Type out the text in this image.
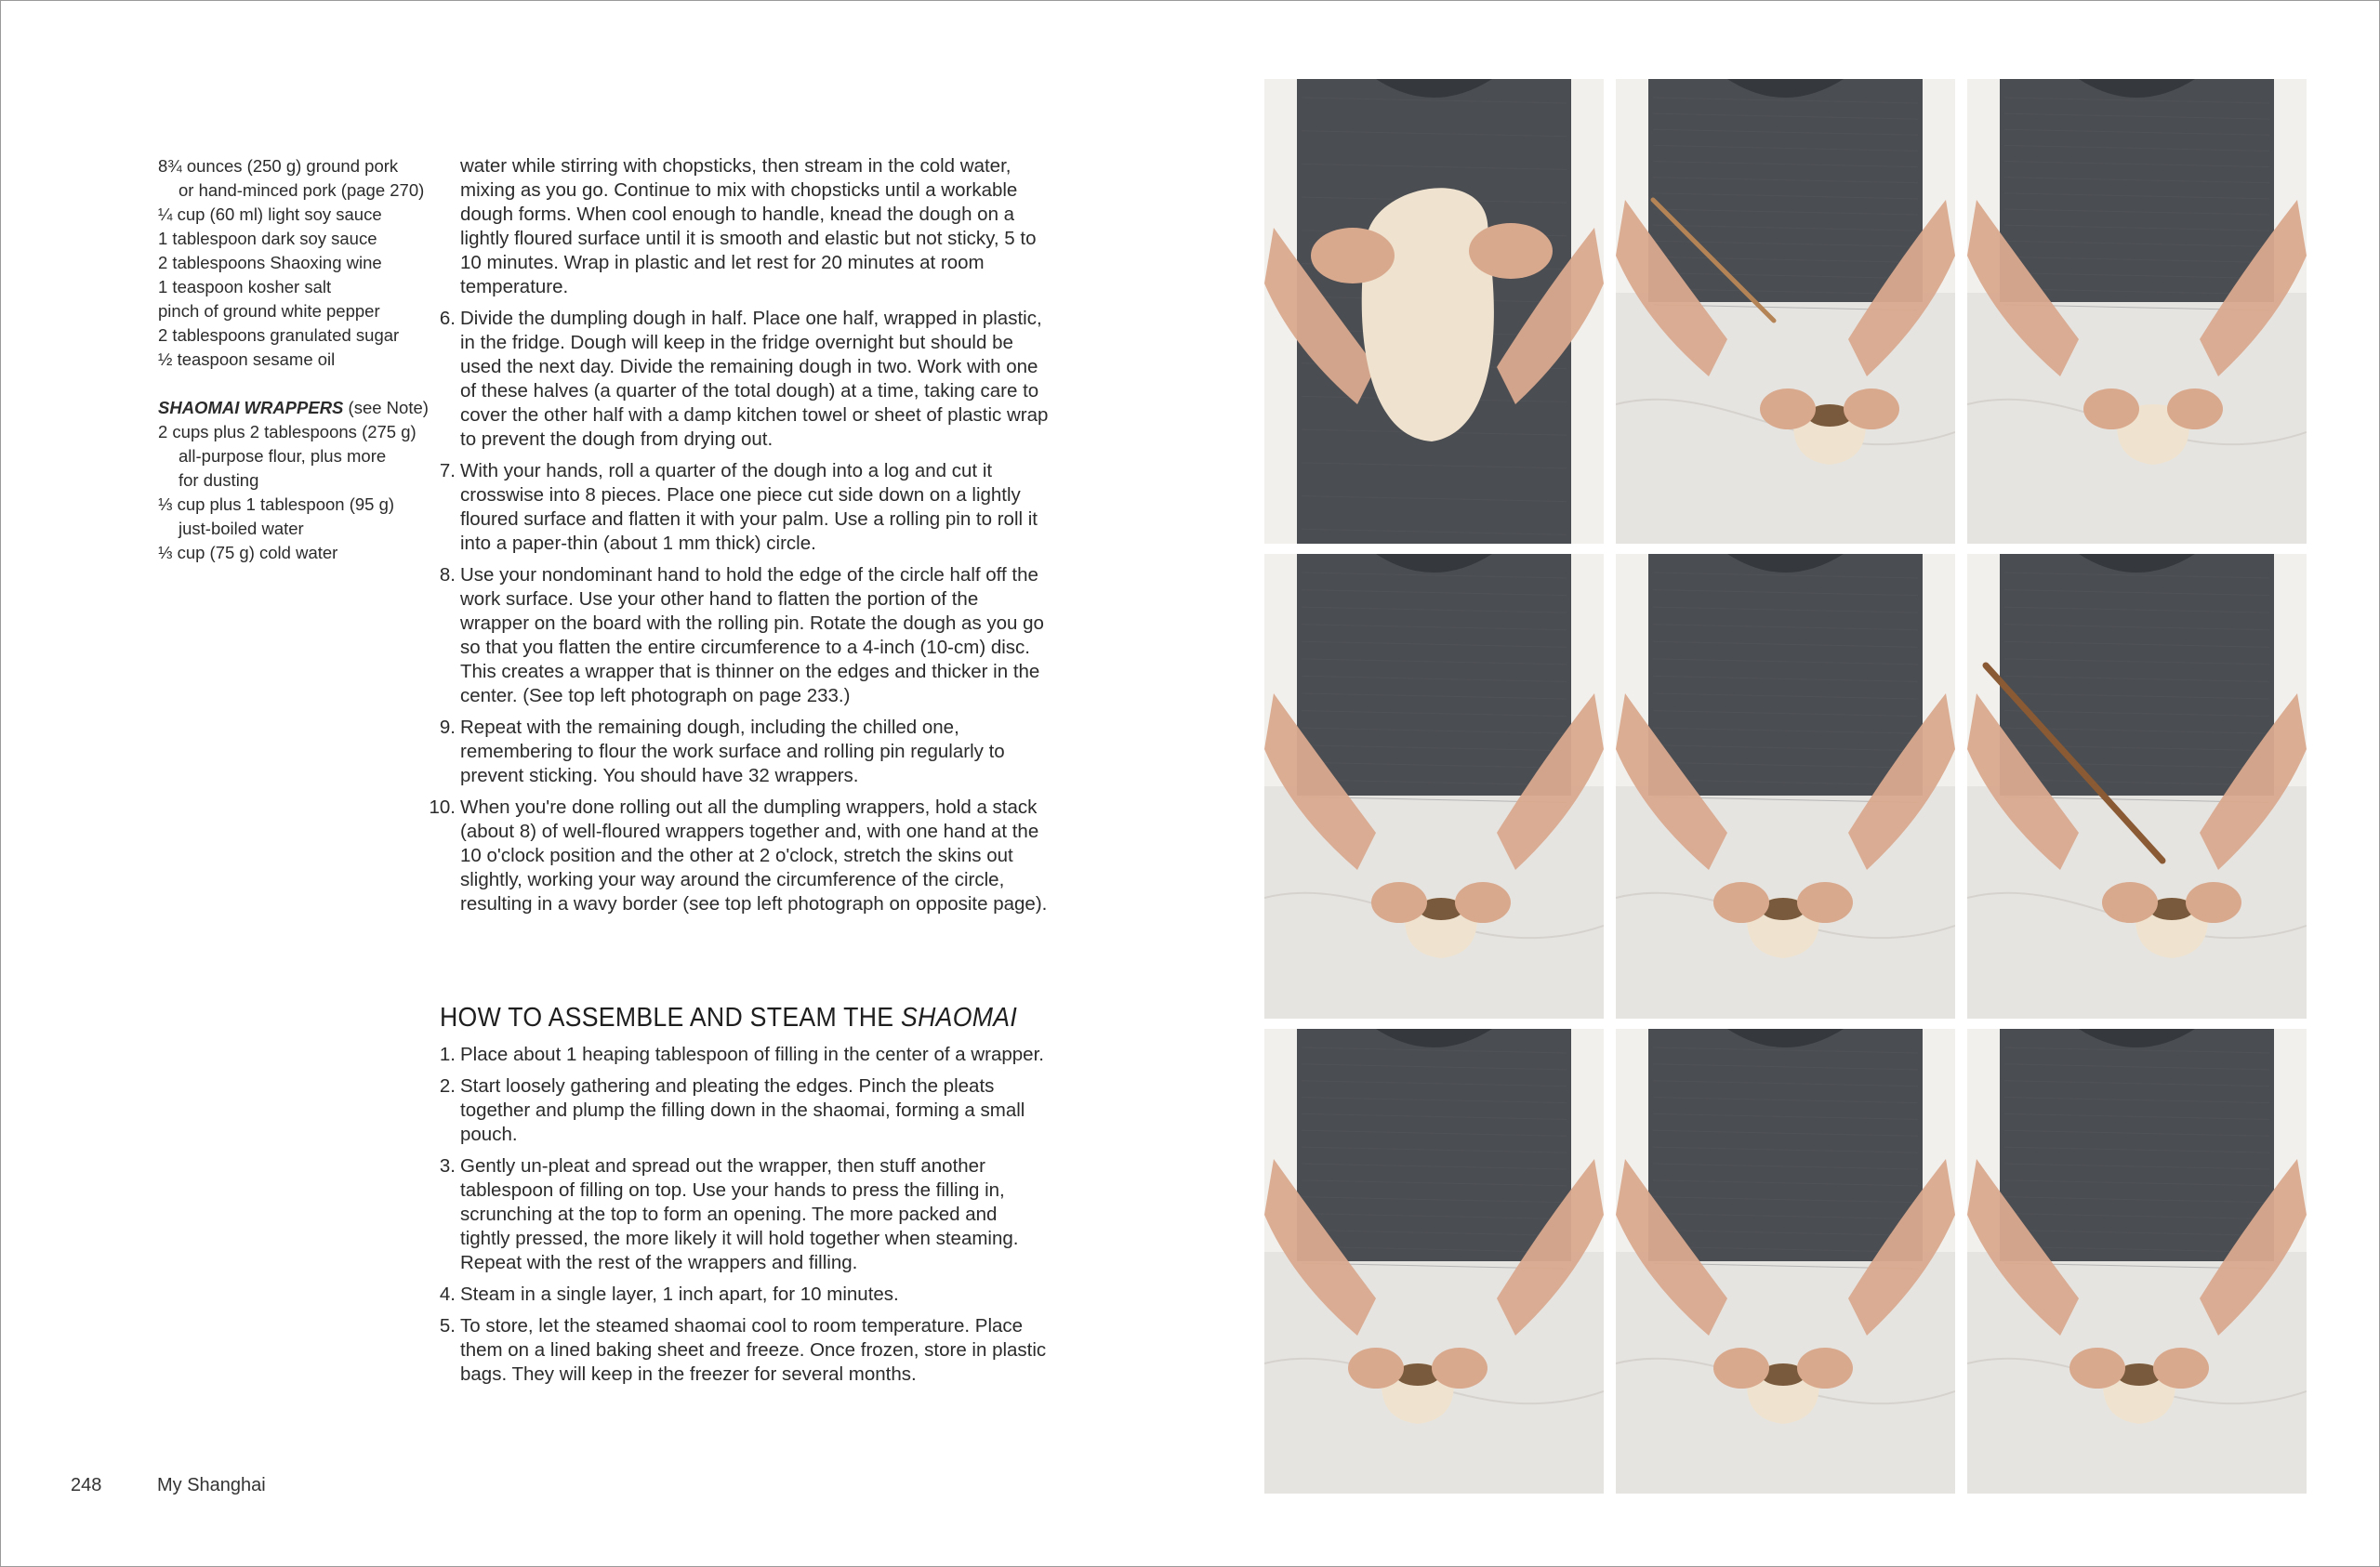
8¾ ounces (250 g) ground pork
or hand-minced pork (page 270)
¼ cup (60 ml) light soy sauce
1 tablespoon dark soy sauce
2 tablespoons Shaoxing wine
1 teaspoon kosher salt
pinch of ground white pepper
2 tablespoons granulated sugar
½ teaspoon sesame oil
SHAOMAI WRAPPERS (see Note)
2 cups plus 2 tablespoons (275 g)
all-purpose flour, plus more
for dusting
⅓ cup plus 1 tablespoon (95 g)
just-boiled water
⅓ cup (75 g) cold water
water while stirring with chopsticks, then stream in the cold water, mixing as you go. Continue to mix with chopsticks until a workable dough forms. When cool enough to handle, knead the dough on a lightly floured surface until it is smooth and elastic but not sticky, 5 to 10 minutes. Wrap in plastic and let rest for 20 minutes at room temperature.
6. Divide the dumpling dough in half. Place one half, wrapped in plastic, in the fridge. Dough will keep in the fridge overnight but should be used the next day. Divide the remaining dough in two. Work with one of these halves (a quarter of the total dough) at a time, taking care to cover the other half with a damp kitchen towel or sheet of plastic wrap to prevent the dough from drying out.
7. With your hands, roll a quarter of the dough into a log and cut it crosswise into 8 pieces. Place one piece cut side down on a lightly floured surface and flatten it with your palm. Use a rolling pin to roll it into a paper-thin (about 1 mm thick) circle.
8. Use your nondominant hand to hold the edge of the circle half off the work surface. Use your other hand to flatten the portion of the wrapper on the board with the rolling pin. Rotate the dough as you go so that you flatten the entire circumference to a 4-inch (10-cm) disc. This creates a wrapper that is thinner on the edges and thicker in the center. (See top left photograph on page 233.)
9. Repeat with the remaining dough, including the chilled one, remembering to flour the work surface and rolling pin regularly to prevent sticking. You should have 32 wrappers.
10. When you're done rolling out all the dumpling wrappers, hold a stack (about 8) of well-floured wrappers together and, with one hand at the 10 o'clock position and the other at 2 o'clock, stretch the skins out slightly, working your way around the circumference of the circle, resulting in a wavy border (see top left photograph on opposite page).
HOW TO ASSEMBLE AND STEAM THE SHAOMAI
1. Place about 1 heaping tablespoon of filling in the center of a wrapper.
2. Start loosely gathering and pleating the edges. Pinch the pleats together and plump the filling down in the shaomai, forming a small pouch.
3. Gently un-pleat and spread out the wrapper, then stuff another tablespoon of filling on top. Use your hands to press the filling in, scrunching at the top to form an opening. The more packed and tightly pressed, the more likely it will hold together when steaming. Repeat with the rest of the wrappers and filling.
4. Steam in a single layer, 1 inch apart, for 10 minutes.
5. To store, let the steamed shaomai cool to room temperature. Place them on a lined baking sheet and freeze. Once frozen, store in plastic bags. They will keep in the freezer for several months.
248	My Shanghai
